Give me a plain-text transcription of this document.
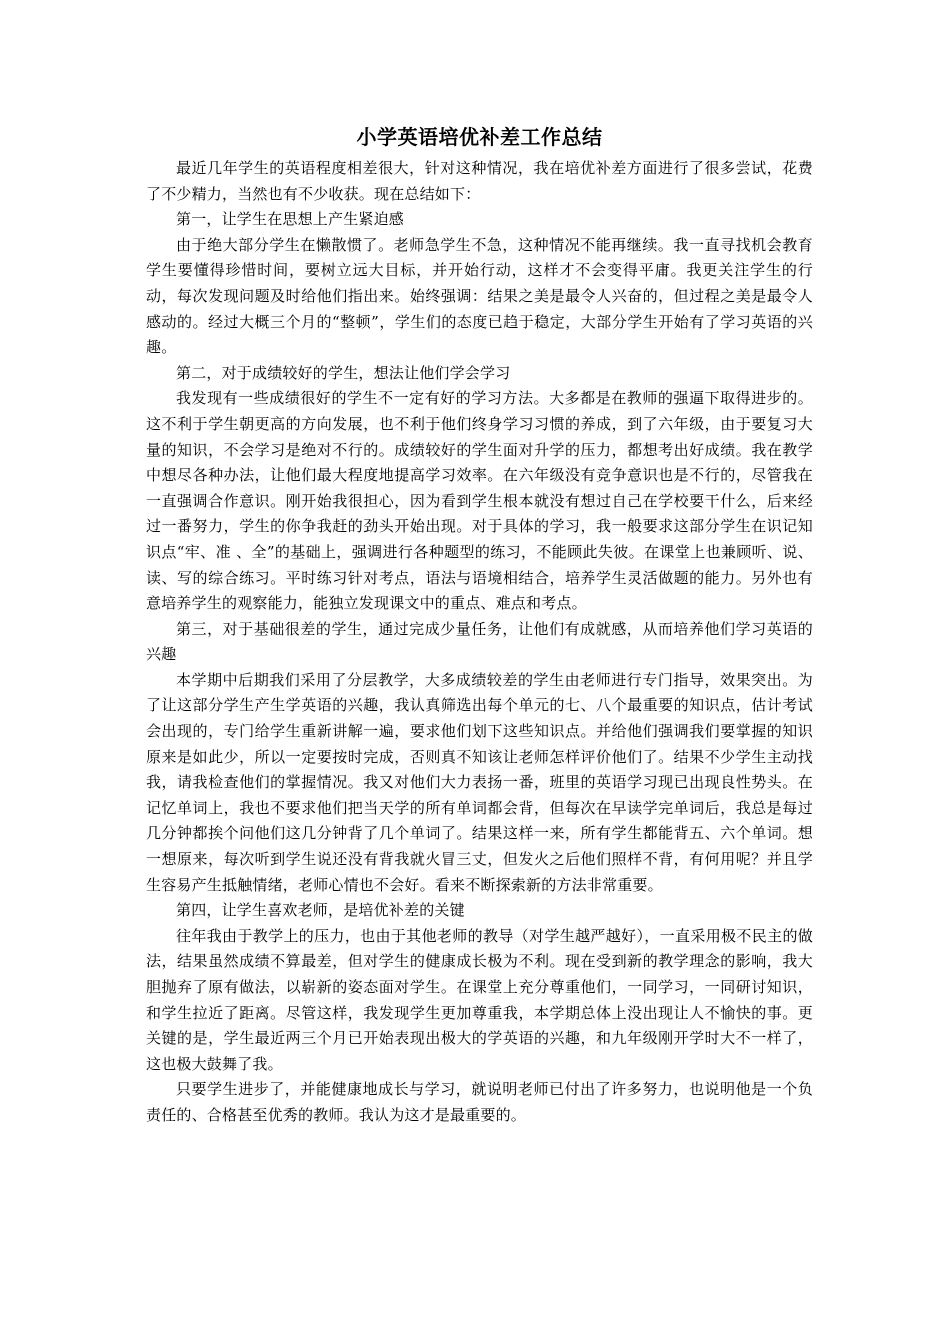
小学英语培优补差工作总结

最近几年学生的英语程度相差很大，针对这种情况，我在培优补差方面进行了很多尝试，花费了不少精力，当然也有不少收获。现在总结如下：

第一，让学生在思想上产生紧迫感

由于绝大部分学生在懒散惯了。老师急学生不急，这种情况不能再继续。我一直寻找机会教育学生要懂得珍惜时间，要树立远大目标，并开始行动，这样才不会变得平庸。我更关注学生的行动，每次发现问题及时给他们指出来。始终强调：结果之美是最令人兴奋的，但过程之美是最令人感动的。经过大概三个月的“整顿”，学生们的态度已趋于稳定，大部分学生开始有了学习英语的兴趣。

第二，对于成绩较好的学生，想法让他们学会学习

我发现有一些成绩很好的学生不一定有好的学习方法。大多都是在教师的强逼下取得进步的。这不利于学生朝更高的方向发展，也不利于他们终身学习习惯的养成，到了六年级，由于要复习大量的知识，不会学习是绝对不行的。成绩较好的学生面对升学的压力，都想考出好成绩。我在教学中想尽各种办法，让他们最大程度地提高学习效率。在六年级没有竞争意识也是不行的，尽管我在一直强调合作意识。刚开始我很担心，因为看到学生根本就没有想过自己在学校要干什么，后来经过一番努力，学生的你争我赶的劲头开始出现。对于具体的学习，我一般要求这部分学生在识记知识点“牢、准 、全”的基础上，强调进行各种题型的练习，不能顾此失彼。在课堂上也兼顾听、说、读、写的综合练习。平时练习针对考点，语法与语境相结合，培养学生灵活做题的能力。另外也有意培养学生的观察能力，能独立发现课文中的重点、难点和考点。

第三，对于基础很差的学生，通过完成少量任务，让他们有成就感，从而培养他们学习英语的兴趣

本学期中后期我们采用了分层教学，大多成绩较差的学生由老师进行专门指导，效果突出。为了让这部分学生产生学英语的兴趣，我认真筛选出每个单元的七、八个最重要的知识点，估计考试会出现的，专门给学生重新讲解一遍，要求他们划下这些知识点。并给他们强调我们要掌握的知识原来是如此少，所以一定要按时完成，否则真不知该让老师怎样评价他们了。结果不少学生主动找我，请我检查他们的掌握情况。我又对他们大力表扬一番，班里的英语学习现已出现良性势头。在记忆单词上，我也不要求他们把当天学的所有单词都会背，但每次在早读学完单词后，我总是每过几分钟都挨个问他们这几分钟背了几个单词了。结果这样一来，所有学生都能背五、六个单词。想一想原来，每次听到学生说还没有背我就火冒三丈，但发火之后他们照样不背，有何用呢？并且学生容易产生抵触情绪，老师心情也不会好。看来不断探索新的方法非常重要。

第四，让学生喜欢老师，是培优补差的关键

往年我由于教学上的压力，也由于其他老师的教导（对学生越严越好），一直采用极不民主的做法，结果虽然成绩不算最差，但对学生的健康成长极为不利。现在受到新的教学理念的影响，我大胆抛弃了原有做法，以崭新的姿态面对学生。在课堂上充分尊重他们，一同学习，一同研讨知识，和学生拉近了距离。尽管这样，我发现学生更加尊重我，本学期总体上没出现让人不愉快的事。更关键的是，学生最近两三个月已开始表现出极大的学英语的兴趣，和九年级刚开学时大不一样了，这也极大鼓舞了我。

只要学生进步了，并能健康地成长与学习，就说明老师已付出了许多努力，也说明他是一个负责任的、合格甚至优秀的教师。我认为这才是最重要的。
